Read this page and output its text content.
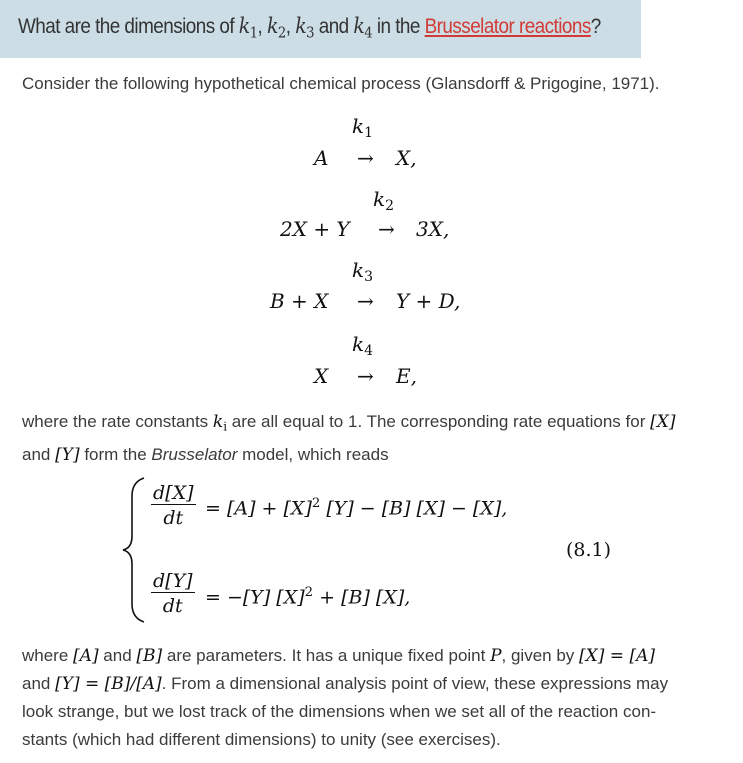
What are the dimensions of $k_1$, $k_2$, $k_3$ and $k_4$ in the Brusselator reactions?
Consider the following hypothetical chemical process (Glansdorff & Prigogine, 1971).
$k_1$
A → X,
$k_2$
2X + Y → 3X,
$k_3$
B + X → Y + D,
$k_4$
X → E,
where the rate constants $k_i$ are all equal to 1. The corresponding rate equations for [X]
and [Y] form the Brusselator model, which reads
$\frac{d[X]}{dt} = [A] + [X]^2$ [Y] − [B] [X] − [X],
(8.1)
$\frac{d[Y]}{dt} = -[Y] [X]^2 + [B]$ [X],
where [A] and [B] are parameters. It has a unique fixed point P, given by [X] = [A]
and [Y] = [B]/[A]. From a dimensional analysis point of view, these expressions may
look strange, but we lost track of the dimensions when we set all of the reaction con-
stants (which had different dimensions) to unity (see exercises).
